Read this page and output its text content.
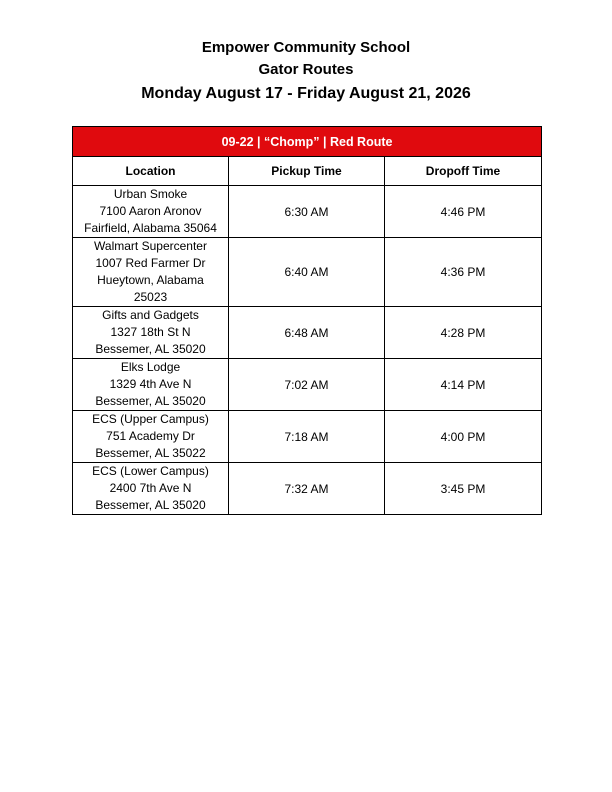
Empower Community School
Gator Routes
Monday August 17 - Friday August 21, 2026
09-22 | “Chomp” | Red Route		
Location	Pickup Time	Dropoff Time

Urban Smoke
7100 Aaron Aronov
Fairfield, Alabama 35064	6:30 AM	4:46 PM

Walmart Supercenter
1007 Red Farmer Dr
Hueytown, Alabama
25023	6:40 AM	4:36 PM

Gifts and Gadgets
1327 18th St N
Bessemer, AL 35020	6:48 AM	4:28 PM

Elks Lodge
1329 4th Ave N
Bessemer, AL 35020	7:02 AM	4:14 PM

ECS (Upper Campus)
751 Academy Dr
Bessemer, AL 35022	7:18 AM	4:00 PM

ECS (Lower Campus)
2400 7th Ave N
Bessemer, AL 35020	7:32 AM	3:45 PM
